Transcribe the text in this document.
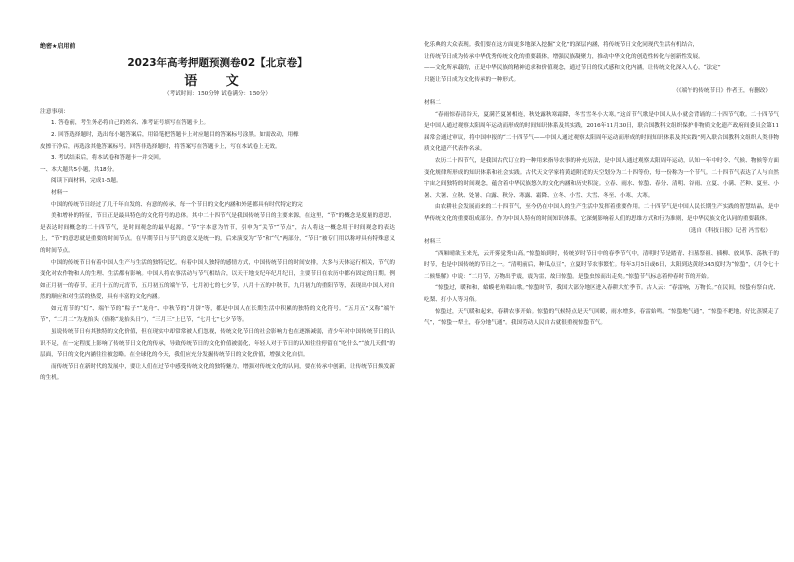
绝密★启用前
2023年高考押题预测卷02【北京卷】
语 文
（考试时间：150分钟 试卷满分：150分）

注意事项：

1. 答卷前，考生务必将自己的姓名、准考证号填写在答题卡上。

2. 回答选择题时，选出每小题答案后，用铅笔把答题卡上对应题目的答案标号涂黑。如需改动，用橡

皮擦干净后，再选涂其他答案标号。回答非选择题时，将答案写在答题卡上，写在本试卷上无效。

3. 考试结束后，将本试卷和答题卡一并交回。

一、本大题共5小题，共18分。

阅读下面材料，完成1-5题。

材料一

中国的传统节日经过了几千年自发的、有意的传承，每一个节日的文化内涵和外延都具有时代特定的完

美和增补的特征，节日正是最具特色的文化符号的总体。其中二十四节气是我国传统节日的主要来源，在这里，“节”的概念是度量的意思，是表达时间概念的二十四节气，是时间观念的最早起源。“节”字本意为竹节，引申为“关节”“节点”，古人将这一概念用于时间观念的表达上，“节”的意思就是重要的时间节点。在早期节日与节气的意义是统一的，后来演变为“节”和“气”两部分，“节日”被专门用以称呼具有特殊意义的时间节点。

中国的传统节日有着中国人生产与生活的独特记忆，有着中国人独特的感情方式，中国传统节日的时间安排，大多与天体运行相关，节气的变化对农作物和人的生理、生活都有影响。中国人将农事活动与节气相结合，以天干地支纪年纪月纪日，主要节日在农历中都有固定的日期。例如正月初一的春节，正月十五的元宵节，五月初五的端午节，七月初七的七夕节，八月十五的中秋节，九月初九的重阳节等，表现出中国人对自然的顺应和对生活的热爱，具有丰富的文化内涵。

如元宵节的“灯”、端午节的“粽子”“龙舟”、中秋节的“月饼”等，都是中国人在长期生活中积累的独特的文化符号。“五月五”又称“端午节”，“二月二”为龙抬头（俗称“龙抬头日”），“三月三”上巳节，“七月七”七夕节等。

虽说传统节日有其独特的文化价值，但在现实中却常常被人们忽视，传统文化节日的社会影响力也在逐渐减弱，青少年对中国传统节日的认识不足，在一定程度上影响了传统节日文化的传承，导致传统节日的文化价值被弱化，年轻人对于节日的认知往往停留在“吃什么”“放几天假”的层面，节日的文化内涵往往被忽略。在全球化的今天，我们应充分发掘传统节日的文化价值，增强文化自信。

而传统节日在新时代的发展中，要让人们在过节中感受传统文化的独特魅力，增强对传统文化的认同，要在传承中创新，让传统节日焕发新的生机。

化乐典的大众表现。我们要在这方面更多地深入挖掘“文化”的深层内涵，将传统节日文化同现代生活有机结合，

让传统节日成为传承中华优秀传统文化的重要载体，增强民族凝聚力，推动中华文化的创造性转化与创新性发展。

——文化所承载的，正是中华民族的精神追求和价值观念，通过节日的仪式感和文化内涵，让传统文化深入人心，“法定”

只能让节日成为文化传承的一种形式。

（《端午的传统节日》作者王，有删改）

材料二

“春雨惊春清谷天，夏满芒夏暑相连，秋处露秋寒霜降，冬雪雪冬小大寒。”这首节气歌是中国人从小就会背诵的二十四节气歌。二十四节气是中国人通过观察太阳周年运动而形成的时间知识体系及其实践，2016年11月30日，联合国教科文组织保护非物质文化遗产政府间委员会第11届常会通过审议，将中国申报的“二十四节气——中国人通过观察太阳周年运动而形成的时间知识体系及其实践”列入联合国教科文组织人类非物质文化遗产代表作名录。

农历二十四节气，是我国古代订立的一种用来指导农事的补充历法，是中国人通过观察太阳周年运动，认知一年中时令、气候、物候等方面变化规律所形成的知识体系和社会实践。古代天文学家将黄道附近的天空划分为二十四等份，每一份称为一个节气。二十四节气表达了人与自然宇宙之间独特的时间观念，蕴含着中华民族悠久的文化内涵和历史积淀。立春、雨水、惊蛰、春分、清明、谷雨、立夏、小满、芒种、夏至、小暑、大暑、立秋、处暑、白露、秋分、寒露、霜降、立冬、小雪、大雪、冬至、小寒、大寒。

由农耕社会发展而来的二十四节气，至今仍在中国人的生产生活中发挥着重要作用。二十四节气是中国人民长期生产实践的智慧结晶，是中华传统文化的重要组成部分。作为中国人特有的时间知识体系，它深刻影响着人们的思维方式和行为准则，是中华民族文化认同的重要载体。

（选自《科技日报》记者 冯雪松）

材料三

“西厢晴欲玉来光，云开雾觉秀山高。”惊蛰始到时，传统岁时节日中的春季节气中，清明时节是踏青、扫墓祭祖、插柳、放风筝、荡秋千的时节，也是中国传统的节日之一。“清明前后，种瓜点豆”，立夏时节农事繁忙。每年3月5日或6日，太阳到达黄经345度时为“惊蛰”，《月令七十二候集解》中说：“二月节，万物出乎震，震为雷，故曰惊蛰。是蛰虫惊而出走矣。”惊蛰节气标志着仲春时节的开始。

“惊蛰过，暖和和，蛤蟆老角唱山歌。”惊蛰时节，我国大部分地区进入春耕大忙季节。古人云：“春雷响，万物长。”在民间，惊蛰有祭白虎、吃梨、打小人等习俗。

惊蛰过，天气暖和起来，春耕农事开始。惊蛰的气候特点是天气回暖，雨水增多，春雷始鸣。“惊蛰地气通”，“惊蛰不耙地，好比蒸馍走了气”，“惊蛰一犁土，春分地气通”。我国劳动人民自古就很重视惊蛰节气。
